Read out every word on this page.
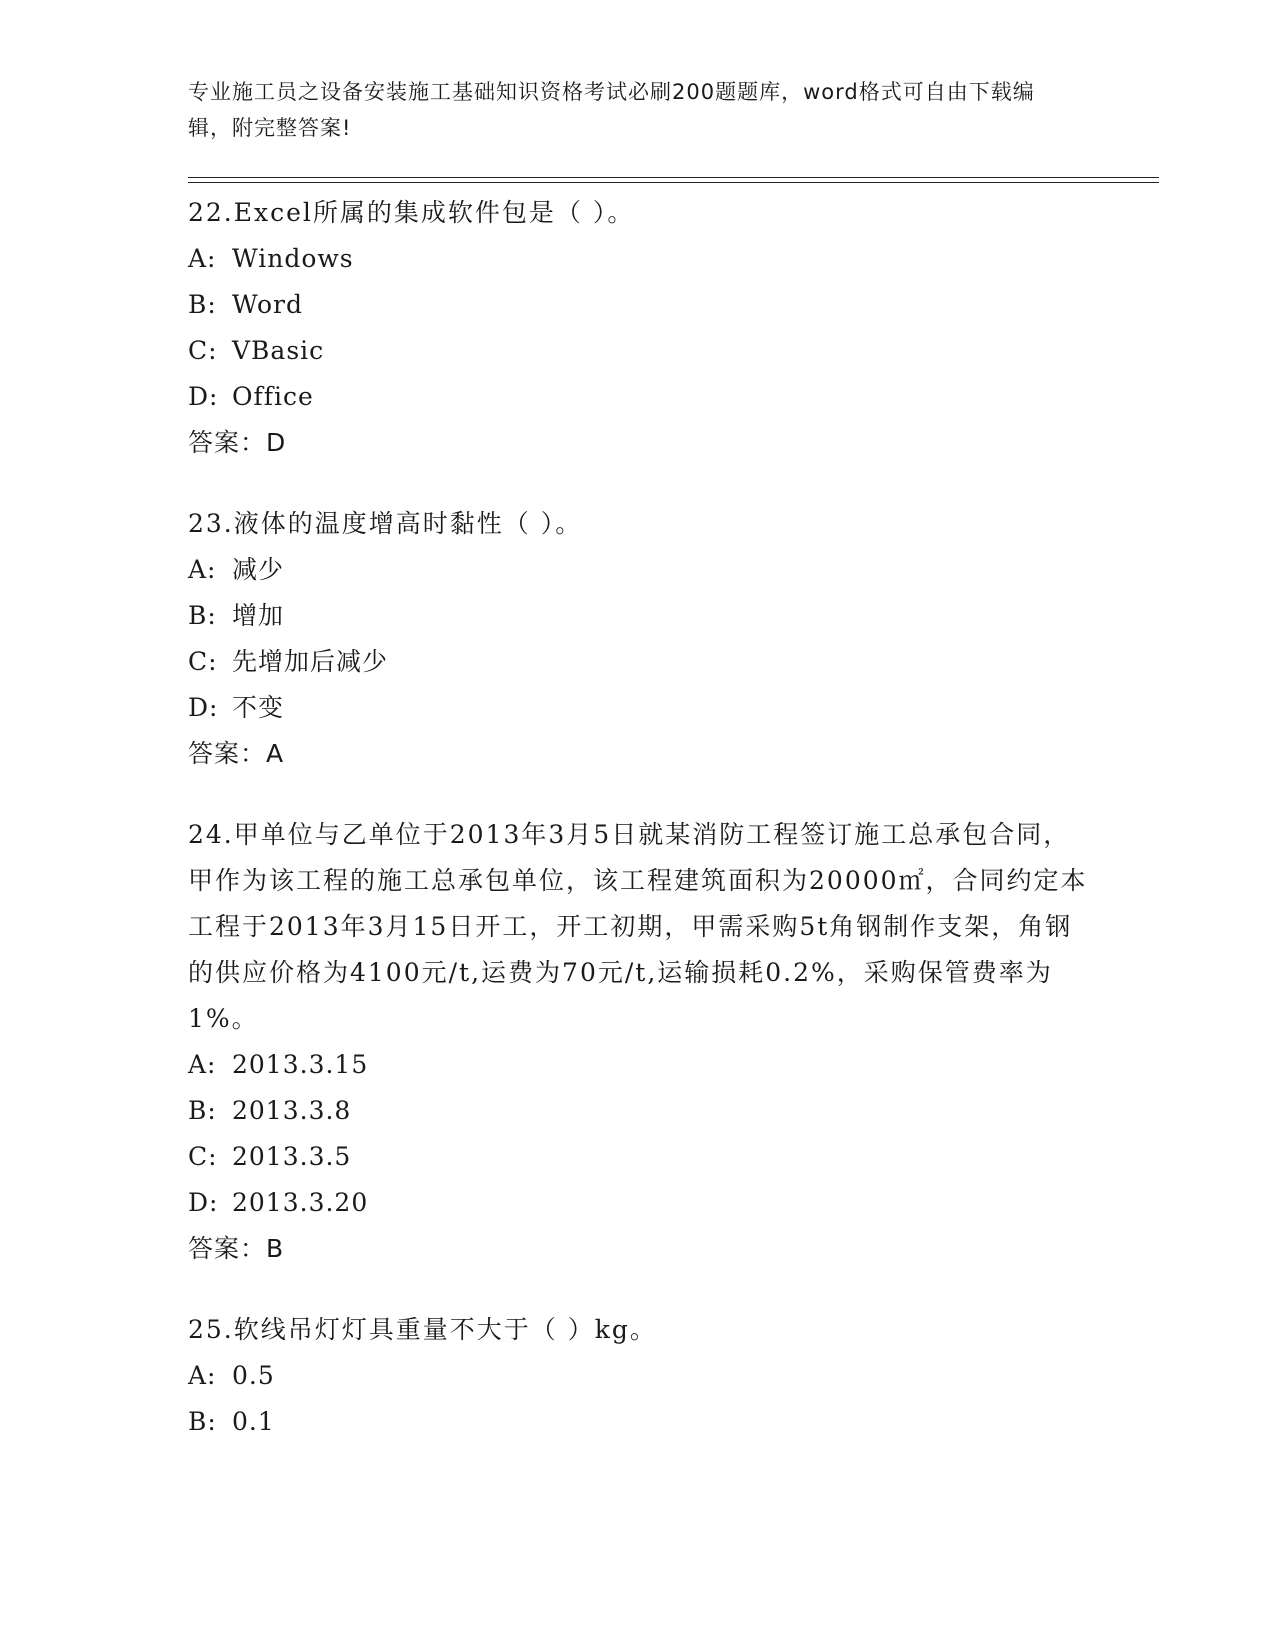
专业施工员之设备安装施工基础知识资格考试必刷200题题库，word格式可自由下载编辑，附完整答案!
22.Excel所属的集成软件包是（ ）。
A: Windows
B: Word
C: VBasic
D: Office
答案：D
23.液体的温度增高时黏性（ ）。
A: 减少
B: 增加
C: 先增加后减少
D: 不变
答案：A
24.甲单位与乙单位于2013年3月5日就某消防工程签订施工总承包合同，甲作为该工程的施工总承包单位，该工程建筑面积为20000㎡，合同约定本工程于2013年3月15日开工，开工初期，甲需采购5t角钢制作支架，角钢的供应价格为4100元/t,运费为70元/t,运输损耗0.2%，采购保管费率为1%。
A: 2013.3.15
B: 2013.3.8
C: 2013.3.5
D: 2013.3.20
答案：B
25.软线吊灯灯具重量不大于（ ）kg。
A: 0.5
B: 0.1
